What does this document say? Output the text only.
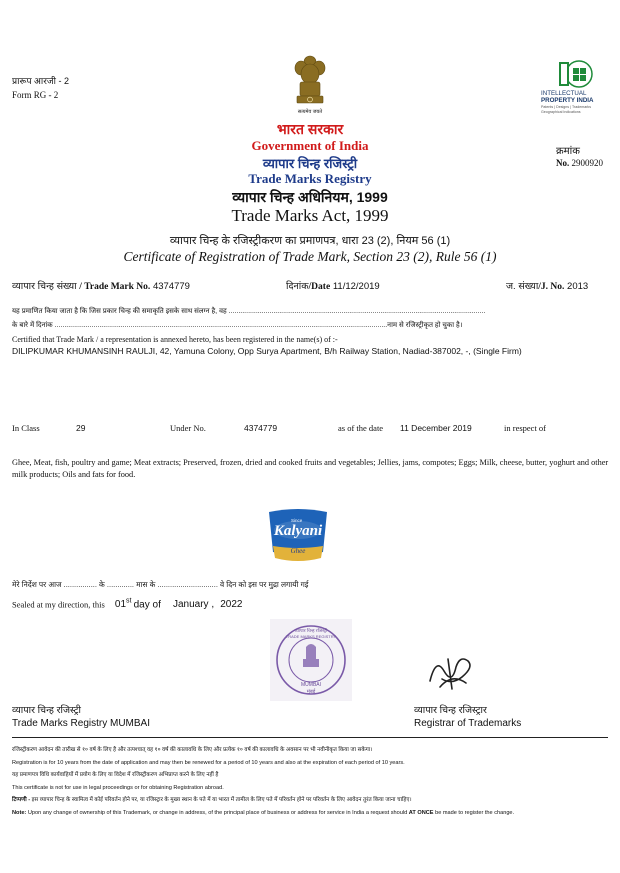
प्रारूप आरजी - 2
Form RG - 2
सत्यमेव जयते
INTELLECTUAL
PROPERTY INDIA
Patents | Designs | Trademarks
Geographical Indications
भारत सरकार
Government of India
व्यापार चिन्ह रजिस्ट्री
Trade Marks Registry
व्यापार चिन्ह अधिनियम, 1999
Trade Marks Act, 1999
व्यापार चिन्ह के रजिस्ट्रीकरण का प्रमाणपत्र, धारा 23 (2), नियम 56 (1)
Certificate of Registration of Trade Mark, Section 23 (2), Rule 56 (1)
क्रमांक
No. 2900920
व्यापार चिन्ह संख्या / Trade Mark No. 4374779	दिनांक/Date 11/12/2019	ज. संख्या/J. No. 2013
यह प्रमाणित किया जाता है कि जिस प्रकार चिन्ह की समाकृति इसके साथ संलग्न है, वह ....................................................................................................................................
के बारे में दिनांक ...........................................................................................................................................................................नाम से रजिस्ट्रीकृत हो चुका है।
Certified that Trade Mark / a representation is annexed hereto, has been registered in the name(s) of :-
DILIPKUMAR KHUMANSINH RAULJI, 42, Yamuna Colony, Opp Surya Apartment, B/h Railway Station, Nadiad-387002, -, (Single Firm)
In Class	29	Under No.	4374779	as of the date 11 December 2019	in respect of
Ghee, Meat, fish, poultry and game; Meat extracts; Preserved, frozen, dried and cooked fruits and vegetables; Jellies, jams, compotes; Eggs; Milk, cheese, butter, yoghurt and other milk products; Oils and fats for food.
Since
Kalyani
Ghee
मेरे निर्देश पर आज ................ के ............. मास के ............................. वे दिन को इस पर मुद्रा लगायी गई
Sealed at my direction, this 01st day of January , 2022
व्यापार चिन्ह रजिस्ट्री
TRADE MARKS REGISTRY
MUMBAI
मुंबई
व्यापार चिन्ह रजिस्ट्री
Trade Marks Registry MUMBAI
व्यापार चिन्ह रजिस्ट्रार
Registrar of Trademarks
रजिस्ट्रीकरण आवेदन की तारीख से १० वर्ष के लिए है और तत्पश्चात् वह १० वर्ष की कालावधि के लिए और प्रत्येक १० वर्ष की कालावधि के अवसान पर भी नवीनीकृत किया जा सकेगा।
Registration is for 10 years from the date of application and may then be renewed for a period of 10 years and also at the expiration of each period of 10 years.
यह प्रमाणपत्र विधि कार्यवाहियों में प्रयोग के लिए या विदेश में रजिस्ट्रीकरण अभिप्राप्त करने के लिए नहीं है
This certificate is not for use in legal proceedings or for obtaining Registration abroad.
टिप्पणी - इस व्यापार चिन्ह के स्वामित्व में कोई परिवर्तन होने पर, या रजिस्ट्रार के मुख्य स्थान के पते में या भारत में तामील के लिए पते में परिवर्तन होने पर परिवर्तन के लिए आवेदन तुरंत किया जाना चाहिए।
Note: Upon any change of ownership of this Trademark, or change in address, of the principal place of business or address for service in India a request should AT ONCE be made to register the change.
